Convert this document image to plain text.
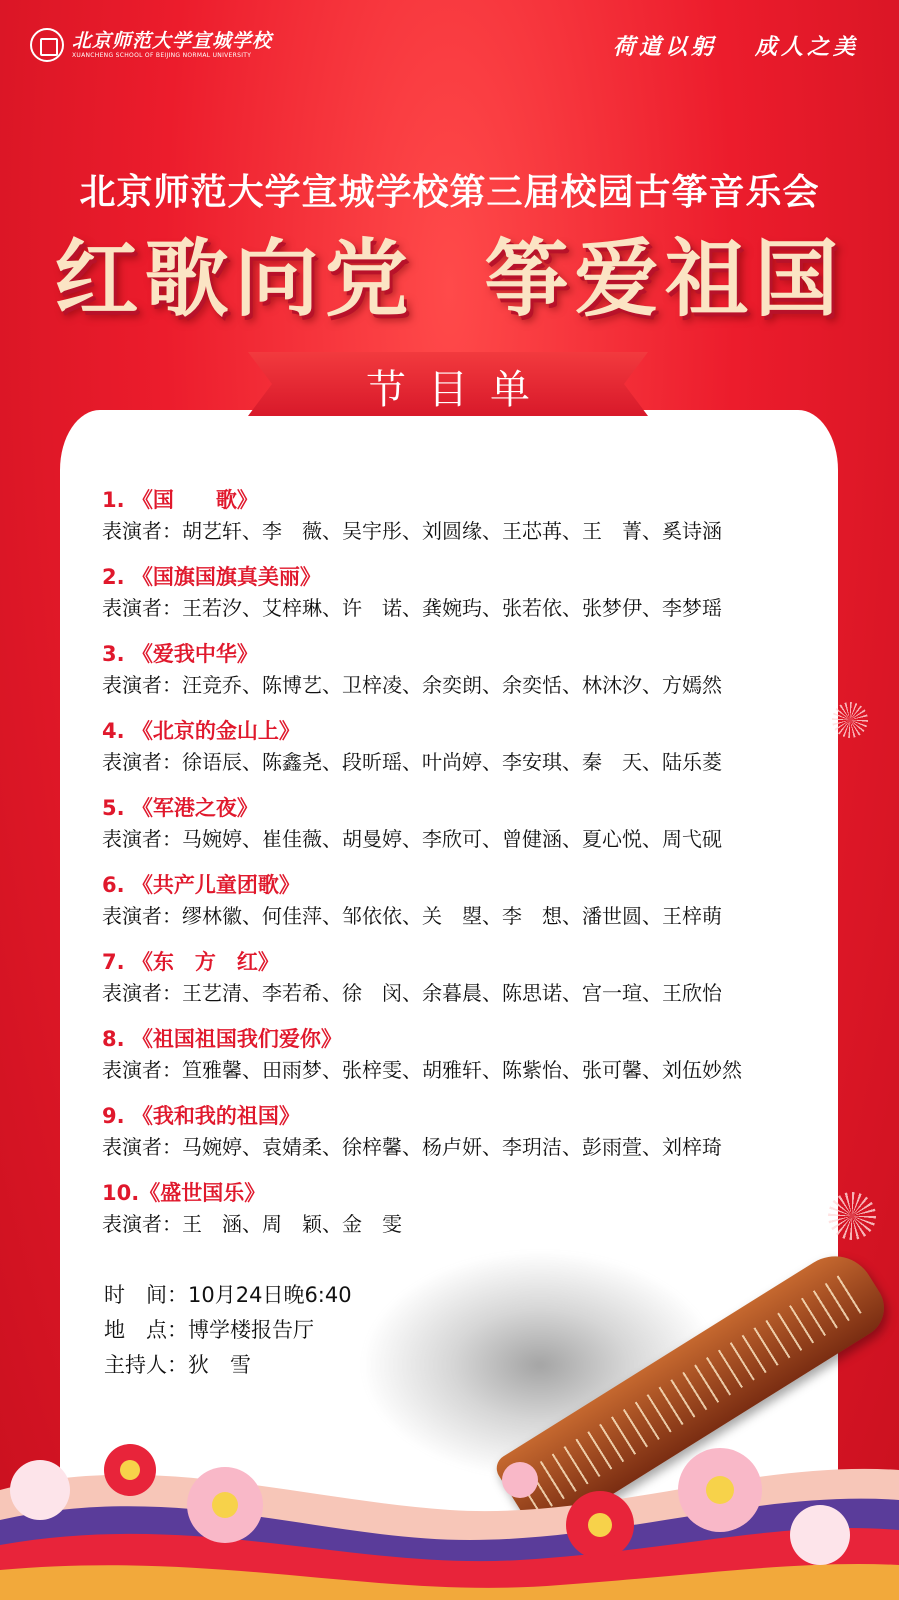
北京师范大学宣城学校
XUANCHENG SCHOOL OF BEIJING NORMAL UNIVERSITY	荷道以躬 成人之美
北京师范大学宣城学校第三届校园古筝音乐会
红歌向党 筝爱祖国
节目单
1. 《国　　歌》
表演者：胡艺轩、李　薇、吴宇彤、刘圆缘、王芯苒、王　菁、奚诗涵
2. 《国旗国旗真美丽》
表演者：王若汐、艾梓琳、许　诺、龚婉玙、张若依、张梦伊、李梦瑶
3. 《爱我中华》
表演者：汪竞乔、陈博艺、卫梓凌、余奕朗、余奕恬、林沐汐、方嫣然
4. 《北京的金山上》
表演者：徐语辰、陈鑫尧、段昕瑶、叶尚婷、李安琪、秦　天、陆乐菱
5. 《军港之夜》
表演者：马婉婷、崔佳薇、胡曼婷、李欣可、曾健涵、夏心悦、周弋砚
6. 《共产儿童团歌》
表演者：缪林徽、何佳萍、邹依依、关　曌、李　想、潘世圆、王梓萌
7. 《东　方　红》
表演者：王艺清、李若希、徐　闵、余暮晨、陈思诺、宫一瑄、王欣怡
8. 《祖国祖国我们爱你》
表演者：笪雅馨、田雨梦、张梓雯、胡雅轩、陈紫怡、张可馨、刘伍妙然
9. 《我和我的祖国》
表演者：马婉婷、袁婧柔、徐梓馨、杨卢妍、李玥洁、彭雨萱、刘梓琦
10.《盛世国乐》
表演者：王　涵、周　颖、金　雯
时　间：10月24日晚6:40
地　点：博学楼报告厅
主持人：狄　雪
